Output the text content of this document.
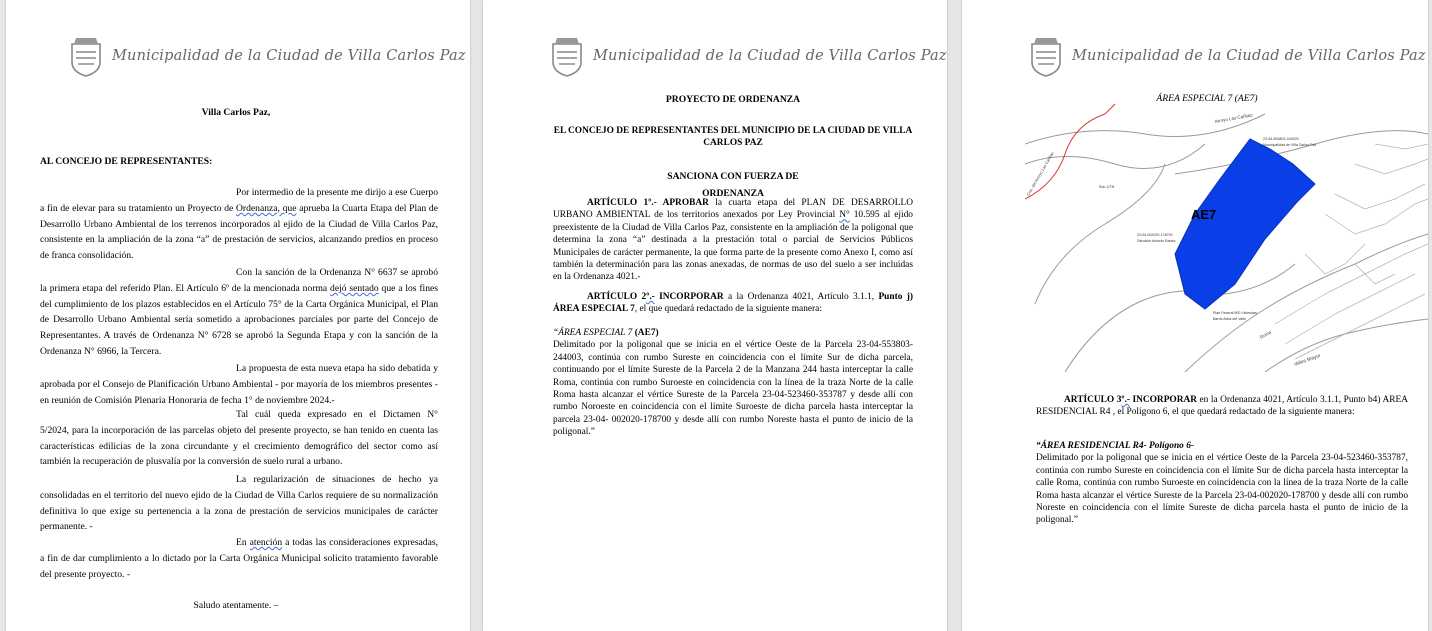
Municipalidad de la Ciudad de Villa Carlos Paz
Villa Carlos Paz,
AL CONCEJO DE REPRESENTANTES:
Por intermedio de la presente me dirijo a ese Cuerpo a fin de elevar para su tratamiento un Proyecto de Ordenanza, que aprueba la Cuarta Etapa del Plan de Desarrollo Urbano Ambiental de los terrenos incorporados al ejido de la Ciudad de Villa Carlos Paz, consistente en la ampliación de la zona “a” de prestación de servicios, alcanzando predios en proceso de franca consolidación.
Con la sanción de la Ordenanza N° 6637 se aprobó la primera etapa del referido Plan. El Artículo 6º de la mencionada norma dejó sentado que a los fines del cumplimiento de los plazos establecidos en el Artículo 75° de la Carta Orgánica Municipal, el Plan de Desarrollo Urbano Ambiental sería sometido a aprobaciones parciales por parte del Concejo de Representantes. A través de Ordenanza N° 6728 se aprobó la Segunda Etapa y con la sanción de la Ordenanza N° 6966, la Tercera.
La propuesta de esta nueva etapa ha sido debatida y aprobada por el Consejo de Planificación Urbano Ambiental - por mayoría de los miembros presentes - en reunión de Comisión Plenaria Honoraria de fecha 1° de noviembre 2024.-
Tal cuál queda expresado en el Dictamen N° 5/2024, para la incorporación de las parcelas objeto del presente proyecto, se han tenido en cuenta las características edilicias de la zona circundante y el crecimiento demográfico del sector como así también la recuperación de plusvalía por la conversión de suelo rural a urbano.
La regularización de situaciones de hecho ya consolidadas en el territorio del nuevo ejido de la Ciudad de Villa Carlos requiere de su normalización definitiva lo que exige su pertenencia a la zona de prestación de servicios municipales de carácter permanente. -
En atención a todas las consideraciones expresadas, a fin de dar cumplimiento a lo dictado por la Carta Orgánica Municipal solicito tratamiento favorable del presente proyecto. -
Saludo atentamente. –
Municipalidad de la Ciudad de Villa Carlos Paz
PROYECTO DE ORDENANZA
EL CONCEJO DE REPRESENTANTES DEL MUNICIPIO DE LA CIUDAD DE VILLA CARLOS PAZ
SANCIONA CON FUERZA DE
ORDENANZA
ARTÍCULO 1º.- APROBAR la cuarta etapa del PLAN DE DESARROLLO URBANO AMBIENTAL de los territorios anexados por Ley Provincial N° 10.595 al ejido preexistente de la Ciudad de Villa Carlos Paz, consistente en la ampliación de la poligonal que determina la zona “a” destinada a la prestación total o parcial de Servicios Públicos Municipales de carácter permanente, la que forma parte de la presente como Anexo I, como así también la determinación para las zonas anexadas, de normas de uso del suelo a ser incluidas en la Ordenanza 4021.-
ARTÍCULO 2º.- INCORPORAR a la Ordenanza 4021, Artículo 3.1.1, Punto j) ÁREA ESPECIAL 7, el que quedará redactado de la siguiente manera:
“ÁREA ESPECIAL 7 (AE7)
Delimitado por la poligonal que se inicia en el vértice Oeste de la Parcela 23-04-553803-244003, continúa con rumbo Sureste en coincidencia con el límite Sur de dicha parcela, continuando por el límite Sureste de la Parcela 2 de la Manzana 244 hasta interceptar la calle Roma, continúa con rumbo Suroeste en coincidencia con la línea de la traza Norte de la calle Roma hasta alcanzar el vértice Sureste de la Parcela 23-04-523460-353787 y desde allí con rumbo Noroeste en coincidencia con el límite Suroeste de dicha parcela hasta interceptar la parcela 23-04- 002020-178700 y desde allí con rumbo Noreste hasta el punto de inicio de la poligonal.”
Municipalidad de la Ciudad de Villa Carlos Paz
ÁREA ESPECIAL 7 (AE7)
AE7
Arroyo Las Cañitas
Cno. del Arroyo Las Cañitas
Roma
Wiles Mayor
23-04-553803-244003
Municipalidad de Villa Carlos Paz
23-04-002020-178700
Salvador Antonio Barcia
Plan Federal 900 Viviendas
Barrio Altos del Valle
Sub 1/TN
ARTÍCULO 3º.- INCORPORAR en la Ordenanza 4021, Artículo 3.1.1, Punto b4) AREA RESIDENCIAL R4 , el Polígono 6, el que quedará redactado de la siguiente manera:
“ÁREA RESIDENCIAL R4- Polígono 6-
Delimitado por la poligonal que se inicia en el vértice Oeste de la Parcela 23-04-523460-353787, continúa con rumbo Sureste en coincidencia con el límite Sur de dicha parcela hasta interceptar la calle Roma, continúa con rumbo Suroeste en coincidencia con la línea de la traza Norte de la calle Roma hasta alcanzar el vértice Sureste de la Parcela 23-04-002020-178700 y desde allí con rumbo Noreste en coincidencia con el límite Sureste de dicha parcela hasta el punto de inicio de la poligonal.”
